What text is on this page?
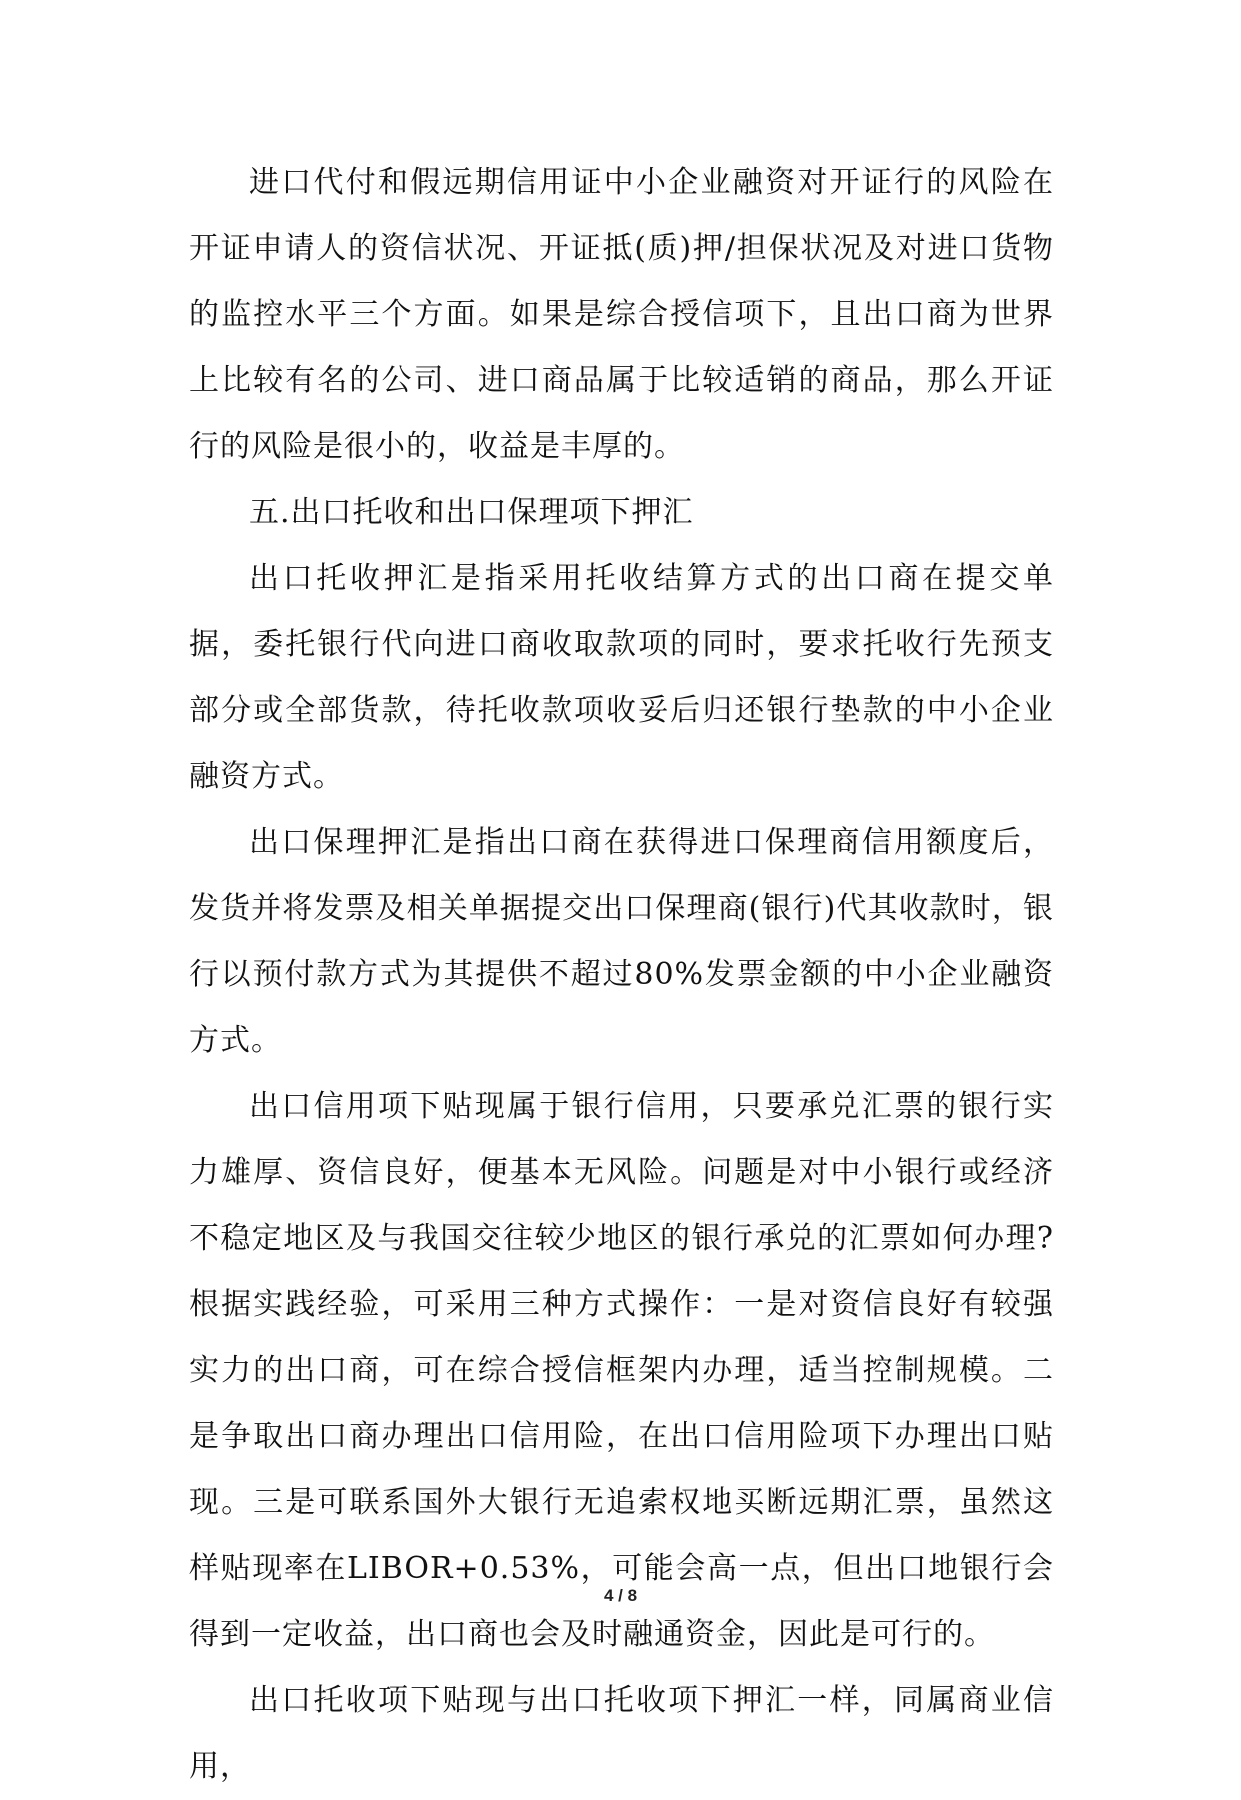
进口代付和假远期信用证中小企业融资对开证行的风险在开证申请人的资信状况、开证抵(质)押/担保状况及对进口货物的监控水平三个方面。如果是综合授信项下，且出口商为世界上比较有名的公司、进口商品属于比较适销的商品，那么开证行的风险是很小的，收益是丰厚的。

五.出口托收和出口保理项下押汇

出口托收押汇是指采用托收结算方式的出口商在提交单据，委托银行代向进口商收取款项的同时，要求托收行先预支部分或全部货款，待托收款项收妥后归还银行垫款的中小企业融资方式。

出口保理押汇是指出口商在获得进口保理商信用额度后，发货并将发票及相关单据提交出口保理商(银行)代其收款时，银行以预付款方式为其提供不超过80%发票金额的中小企业融资方式。

出口信用项下贴现属于银行信用，只要承兑汇票的银行实力雄厚、资信良好，便基本无风险。问题是对中小银行或经济不稳定地区及与我国交往较少地区的银行承兑的汇票如何办理?根据实践经验，可采用三种方式操作：一是对资信良好有较强实力的出口商，可在综合授信框架内办理，适当控制规模。二是争取出口商办理出口信用险，在出口信用险项下办理出口贴现。三是可联系国外大银行无追索权地买断远期汇票，虽然这样贴现率在LIBOR+0.53%，可能会高一点，但出口地银行会得到一定收益，出口商也会及时融通资金，因此是可行的。

出口托收项下贴现与出口托收项下押汇一样，同属商业信用，

4 / 8
